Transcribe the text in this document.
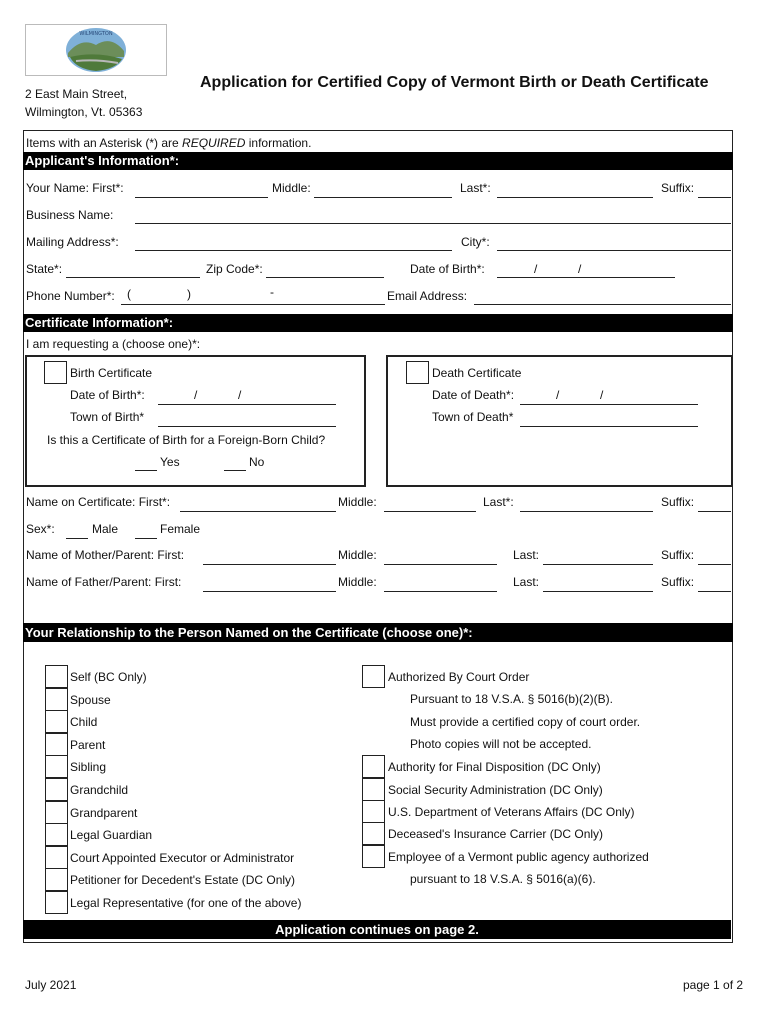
WILMINGTON
2 East Main Street,
Wilmington, Vt. 05363
Application for Certified Copy of Vermont Birth or Death Certificate
Items with an Asterisk (*) are REQUIRED information.
Applicant's Information*:
Your Name: First*:	Middle:	Last*:	Suffix:
Business Name:
Mailing Address*:	City*:
State*:	Zip Code*:	Date of Birth*:	/	/
Phone Number*: (	)	-	Email Address:
Certificate Information*:
I am requesting a (choose one)*:
Birth Certificate
Date of Birth*:	/	/
Town of Birth*
Is this a Certificate of Birth for a Foreign-Born Child?
Yes	No
Death Certificate
Date of Death*:	/	/
Town of Death*
Name on Certificate: First*:	Middle:	Last*:	Suffix:
Sex*:	Male	Female
Name of Mother/Parent: First:	Middle:	Last:	Suffix:
Name of Father/Parent: First:	Middle:	Last:	Suffix:
Your Relationship to the Person Named on the Certificate (choose one)*:
Self (BC Only)
Spouse
Child
Parent
Sibling
Grandchild
Grandparent
Legal Guardian
Court Appointed Executor or Administrator
Petitioner for Decedent's Estate (DC Only)
Legal Representative (for one of the above)
Authorized By Court Order
Pursuant to 18 V.S.A. § 5016(b)(2)(B).
Must provide a certified copy of court order.
Photo copies will not be accepted.
Authority for Final Disposition (DC Only)
Social Security Administration (DC Only)
U.S. Department of Veterans Affairs (DC Only)
Deceased's Insurance Carrier (DC Only)
Employee of a Vermont public agency authorized
pursuant to 18 V.S.A. § 5016(a)(6).
Application continues on page 2.
July 2021	page 1 of 2
